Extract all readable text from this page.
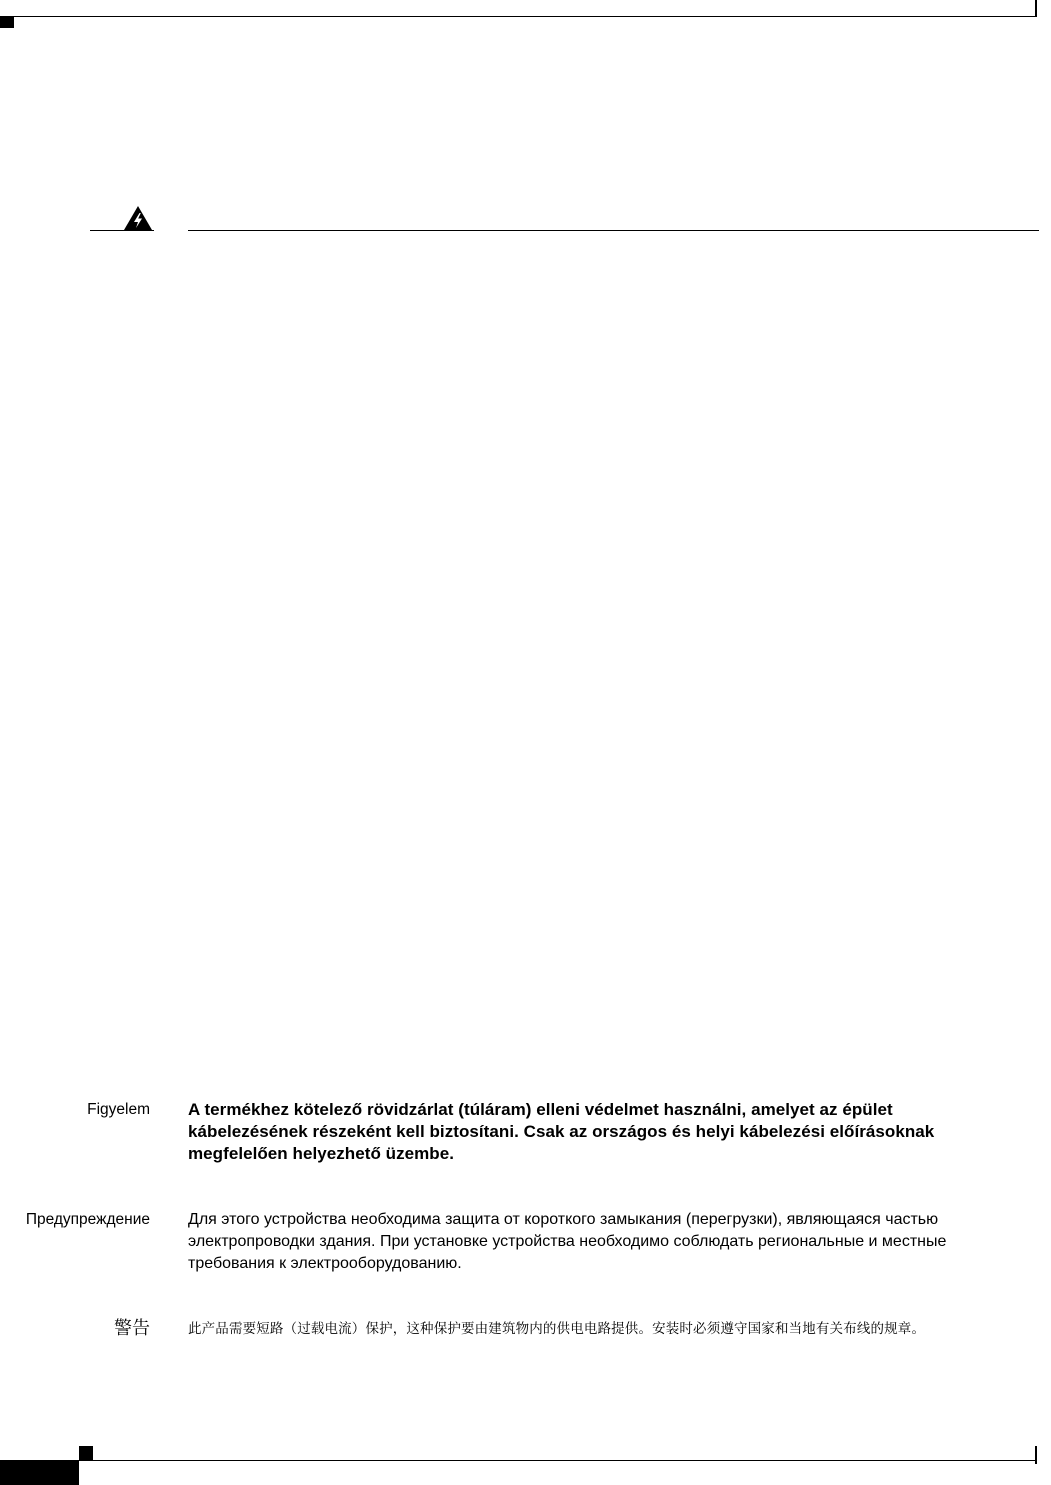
Figyelem A termékhez kötelező rövidzárlat (túláram) elleni védelmet használni, amelyet az épület
kábelezésének részeként kell biztosítani. Csak az országos és helyi kábelezési előírásoknak
megfelelően helyezhető üzembe.
Предупреждение Для этого устройства необходима защита от короткого замыкания (перегрузки), являющаяся частью
электропроводки здания. При установке устройства необходимо соблюдать региональные и местные
требования к электрооборудованию.
警告	此产品需要短路（过载电流）保护，这种保护要由建筑物内的供电电路提供。安装时必须遵守国家和当地有关布线的规章。
